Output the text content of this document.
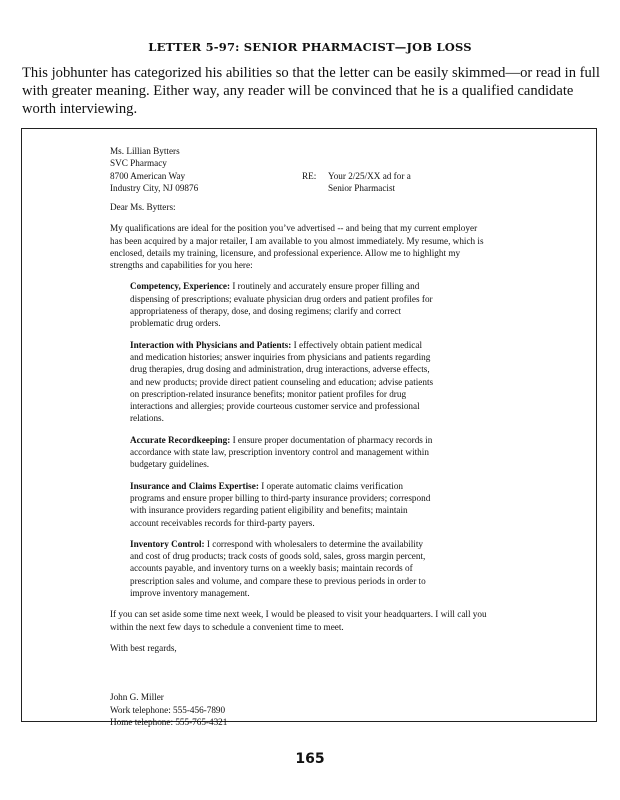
LETTER 5-97: SENIOR PHARMACIST—JOB LOSS
This jobhunter has categorized his abilities so that the letter can be easily skimmed—or read in full with greater meaning. Either way, any reader will be convinced that he is a qualified candidate worth interviewing.
Ms. Lillian Bytters
SVC Pharmacy
8700 American Way
Industry City, NJ 09876
RE:	Your 2/25/XX ad for a
Senior Pharmacist
Dear Ms. Bytters:
My qualifications are ideal for the position you’ve advertised -- and being that my current employer has been acquired by a major retailer, I am available to you almost immediately. My resume, which is enclosed, details my training, licensure, and professional experience. Allow me to highlight my strengths and capabilities for you here:
Competency, Experience: I routinely and accurately ensure proper filling and dispensing of prescriptions; evaluate physician drug orders and patient profiles for appropriateness of therapy, dose, and dosing regimens; clarify and correct problematic drug orders.
Interaction with Physicians and Patients: I effectively obtain patient medical and medication histories; answer inquiries from physicians and patients regarding drug therapies, drug dosing and administration, drug interactions, adverse effects, and new products; provide direct patient counseling and education; advise patients on prescription-related insurance benefits; monitor patient profiles for drug interactions and allergies; provide courteous customer service and professional relations.
Accurate Recordkeeping: I ensure proper documentation of pharmacy records in accordance with state law, prescription inventory control and management within budgetary guidelines.
Insurance and Claims Expertise: I operate automatic claims verification programs and ensure proper billing to third-party insurance providers; correspond with insurance providers regarding patient eligibility and benefits; maintain account receivables records for third-party payers.
Inventory Control: I correspond with wholesalers to determine the availability and cost of drug products; track costs of goods sold, sales, gross margin percent, accounts payable, and inventory turns on a weekly basis; maintain records of prescription sales and volume, and compare these to previous periods in order to improve inventory management.
If you can set aside some time next week, I would be pleased to visit your headquarters. I will call you within the next few days to schedule a convenient time to meet.
With best regards,
John G. Miller
Work telephone: 555-456-7890
Home telephone: 555-765-4321
165
